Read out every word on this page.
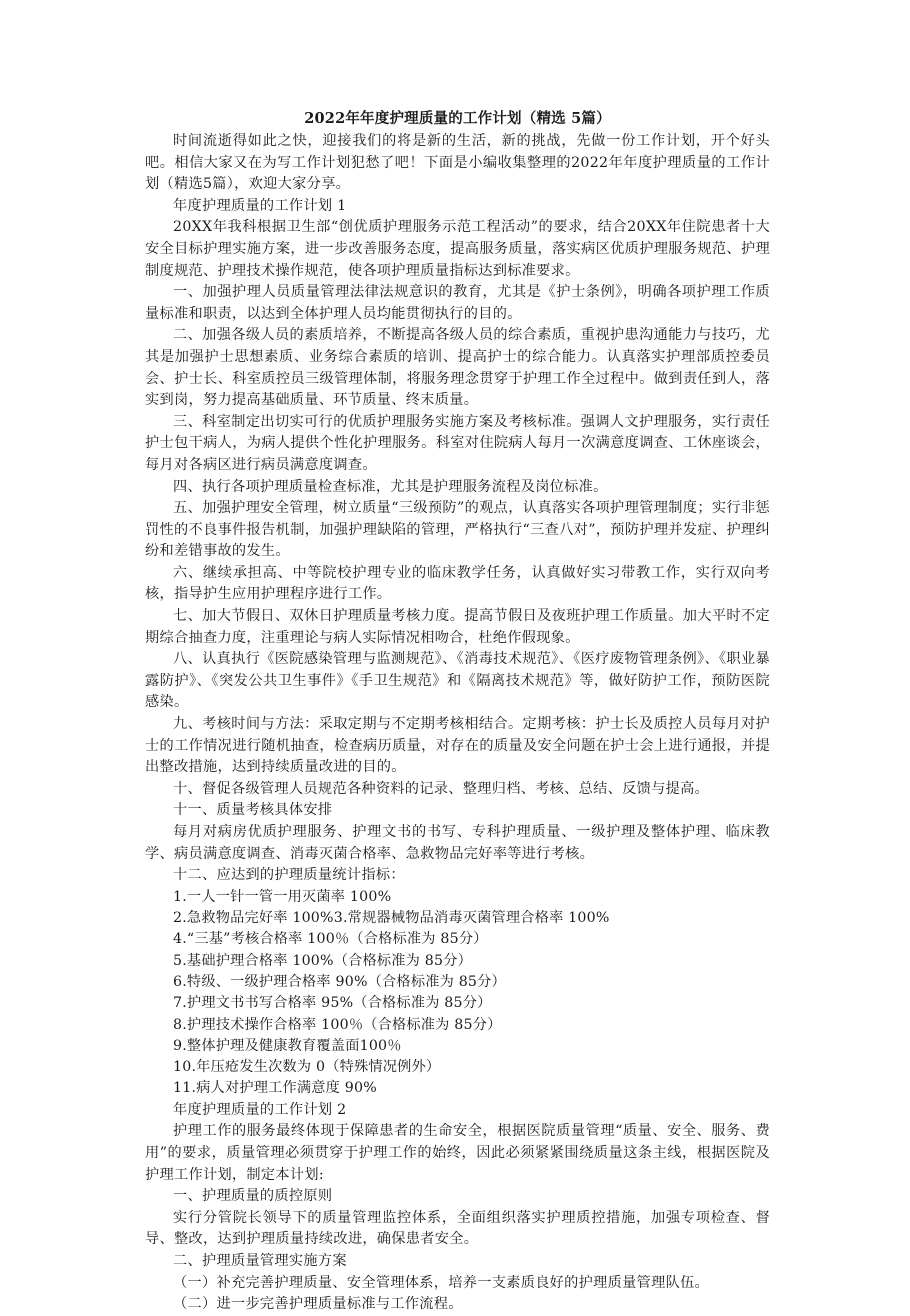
2022年年度护理质量的工作计划（精选 5篇）

时间流逝得如此之快，迎接我们的将是新的生活，新的挑战，先做一份工作计划，开个好头吧。相信大家又在为写工作计划犯愁了吧！下面是小编收集整理的2022年年度护理质量的工作计划（精选5篇），欢迎大家分享。

年度护理质量的工作计划 1

20XX年我科根据卫生部“创优质护理服务示范工程活动”的要求，结合20XX年住院患者十大安全目标护理实施方案，进一步改善服务态度，提高服务质量，落实病区优质护理服务规范、护理制度规范、护理技术操作规范，使各项护理质量指标达到标准要求。

一、加强护理人员质量管理法律法规意识的教育，尤其是《护士条例》，明确各项护理工作质量标准和职责，以达到全体护理人员均能贯彻执行的目的。

二、加强各级人员的素质培养，不断提高各级人员的综合素质，重视护患沟通能力与技巧，尤其是加强护士思想素质、业务综合素质的培训、提高护士的综合能力。认真落实护理部质控委员会、护士长、科室质控员三级管理体制，将服务理念贯穿于护理工作全过程中。做到责任到人，落实到岗，努力提高基础质量、环节质量、终末质量。

三、科室制定出切实可行的优质护理服务实施方案及考核标准。强调人文护理服务，实行责任护士包干病人，为病人提供个性化护理服务。科室对住院病人每月一次满意度调查、工休座谈会，每月对各病区进行病员满意度调查。

四、执行各项护理质量检查标准，尤其是护理服务流程及岗位标准。

五、加强护理安全管理，树立质量“三级预防”的观点，认真落实各项护理管理制度；实行非惩罚性的不良事件报告机制，加强护理缺陷的管理，严格执行“三查八对”，预防护理并发症、护理纠纷和差错事故的发生。

六、继续承担高、中等院校护理专业的临床教学任务，认真做好实习带教工作，实行双向考核，指导护生应用护理程序进行工作。

七、加大节假日、双休日护理质量考核力度。提高节假日及夜班护理工作质量。加大平时不定期综合抽查力度，注重理论与病人实际情况相吻合，杜绝作假现象。

八、认真执行《医院感染管理与监测规范》、《消毒技术规范》、《医疗废物管理条例》、《职业暴露防护》、《突发公共卫生事件》《手卫生规范》和《隔离技术规范》等，做好防护工作，预防医院感染。

九、考核时间与方法：采取定期与不定期考核相结合。定期考核：护士长及质控人员每月对护士的工作情况进行随机抽查，检查病历质量，对存在的质量及安全问题在护士会上进行通报，并提出整改措施，达到持续质量改进的目的。

十、督促各级管理人员规范各种资料的记录、整理归档、考核、总结、反馈与提高。

十一、质量考核具体安排

每月对病房优质护理服务、护理文书的书写、专科护理质量、一级护理及整体护理、临床教学、病员满意度调查、消毒灭菌合格率、急救物品完好率等进行考核。

十二、应达到的护理质量统计指标：

1.一人一针一管一用灭菌率 100%

2.急救物品完好率 100%3.常规器械物品消毒灭菌管理合格率 100%

4.“三基”考核合格率 100％（合格标准为 85分）

5.基础护理合格率 100%（合格标准为 85分）

6.特级、一级护理合格率 90%（合格标准为 85分）

7.护理文书书写合格率 95%（合格标准为 85分）

8.护理技术操作合格率 100％（合格标准为 85分）

9.整体护理及健康教育覆盖面100％

10.年压疮发生次数为 0（特殊情况例外）

11.病人对护理工作满意度 90%

年度护理质量的工作计划 2

护理工作的服务最终体现于保障患者的生命安全，根据医院质量管理“质量、安全、服务、费用”的要求，质量管理必须贯穿于护理工作的始终，因此必须紧紧围绕质量这条主线，根据医院及护理工作计划，制定本计划:

一、护理质量的质控原则

实行分管院长领导下的质量管理监控体系，全面组织落实护理质控措施，加强专项检查、督导、整改，达到护理质量持续改进，确保患者安全。

二、护理质量管理实施方案

（一）补充完善护理质量、安全管理体系，培养一支素质良好的护理质量管理队伍。

（二）进一步完善护理质量标准与工作流程。
